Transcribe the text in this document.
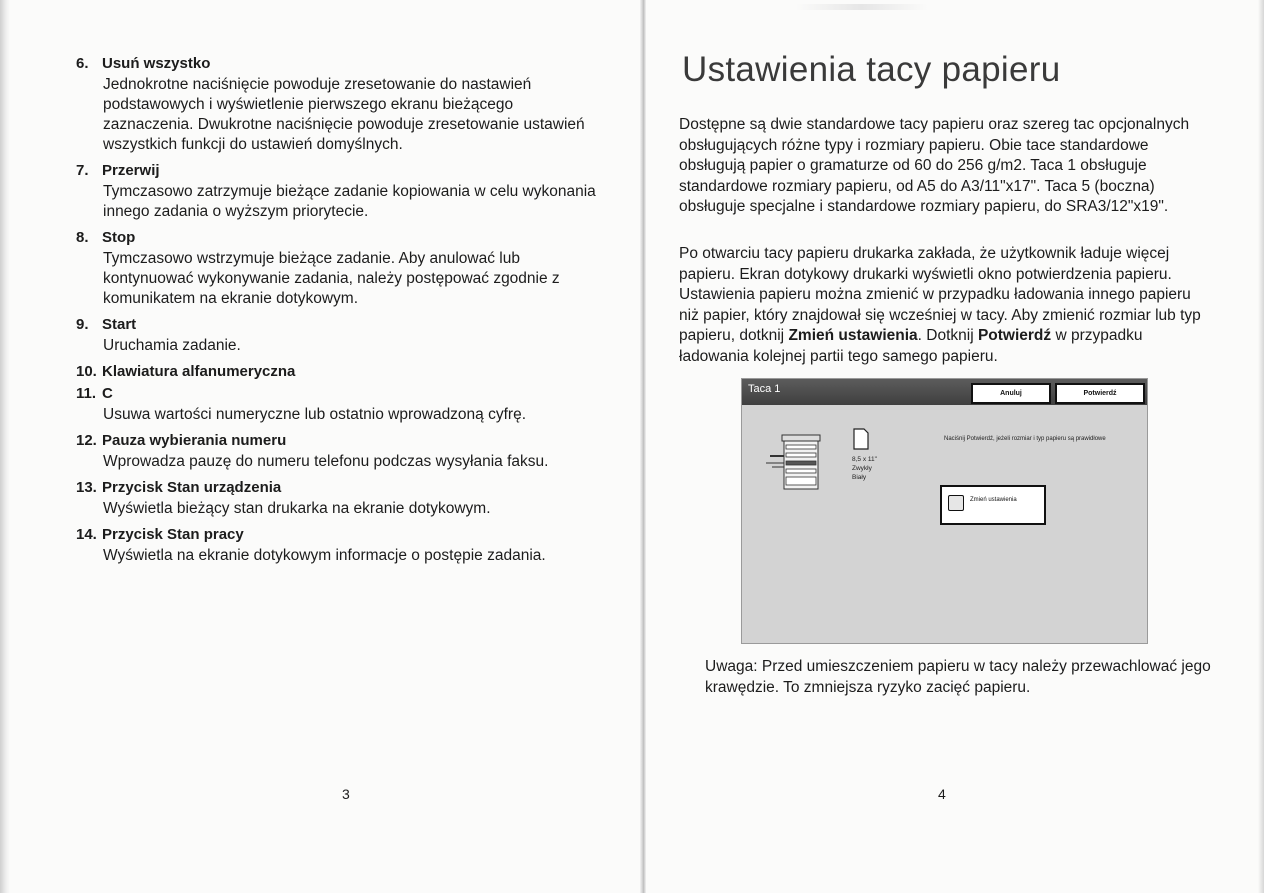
6. Usuń wszystko
Jednokrotne naciśnięcie powoduje zresetowanie do nastawień podstawowych i wyświetlenie pierwszego ekranu bieżącego zaznaczenia. Dwukrotne naciśnięcie powoduje zresetowanie ustawień wszystkich funkcji do ustawień domyślnych.
7. Przerwij
Tymczasowo zatrzymuje bieżące zadanie kopiowania w celu wykonania innego zadania o wyższym priorytecie.
8. Stop
Tymczasowo wstrzymuje bieżące zadanie. Aby anulować lub kontynuować wykonywanie zadania, należy postępować zgodnie z komunikatem na ekranie dotykowym.
9. Start
Uruchamia zadanie.
10. Klawiatura alfanumeryczna
11. C
Usuwa wartości numeryczne lub ostatnio wprowadzoną cyfrę.
12. Pauza wybierania numeru
Wprowadza pauzę do numeru telefonu podczas wysyłania faksu.
13. Przycisk Stan urządzenia
Wyświetla bieżący stan drukarka na ekranie dotykowym.
14. Przycisk Stan pracy
Wyświetla na ekranie dotykowym informacje o postępie zadania.
3
Ustawienia tacy papieru
Dostępne są dwie standardowe tacy papieru oraz szereg tac opcjonalnych obsługujących różne typy i rozmiary papieru. Obie tace standardowe obsługują papier o gramaturze od 60 do 256 g/m2. Taca 1 obsługuje standardowe rozmiary papieru, od A5 do A3/11"x17". Taca 5 (boczna) obsługuje specjalne i standardowe rozmiary papieru, do SRA3/12"x19".
Po otwarciu tacy papieru drukarka zakłada, że użytkownik ładuje więcej papieru. Ekran dotykowy drukarki wyświetli okno potwierdzenia papieru. Ustawienia papieru można zmienić w przypadku ładowania innego papieru niż papier, który znajdował się wcześniej w tacy. Aby zmienić rozmiar lub typ papieru, dotknij Zmień ustawienia. Dotknij Potwierdź w przypadku ładowania kolejnej partii tego samego papieru.
Taca 1	Anuluj	Potwierdź
8,5 x 11"
Zwykły
Biały
Naciśnij Potwierdź, jeżeli rozmiar i typ papieru są prawidłowe
Zmień ustawienia
Uwaga: Przed umieszczeniem papieru w tacy należy przewachlować jego krawędzie. To zmniejsza ryzyko zacięć papieru.
4
